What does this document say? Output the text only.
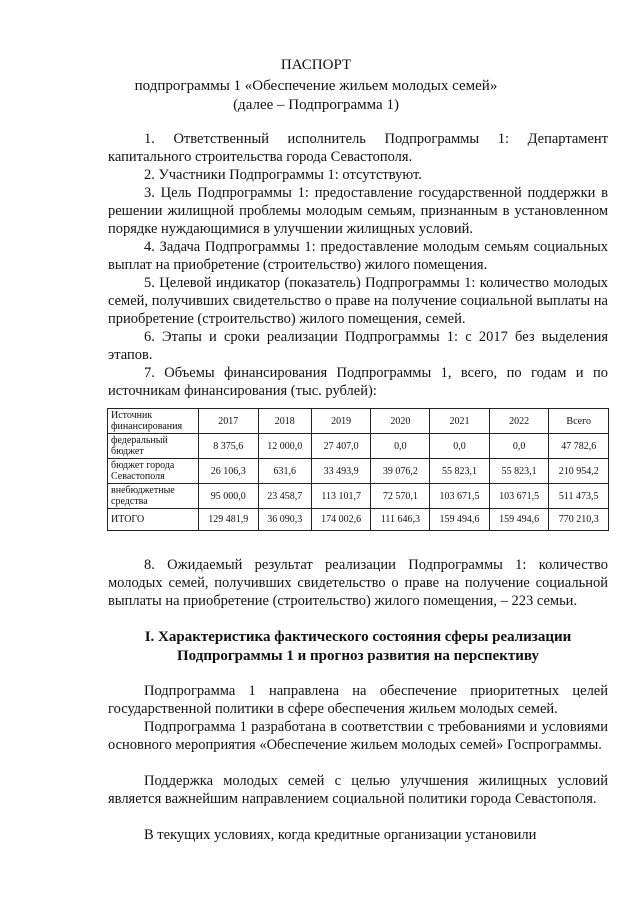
ПАСПОРТ
подпрограммы 1 «Обеспечение жильем молодых семей»
(далее – Подпрограмма 1)
1. Ответственный исполнитель Подпрограммы 1: Департамент капитального строительства города Севастополя.
2. Участники Подпрограммы 1: отсутствуют.
3. Цель Подпрограммы 1: предоставление государственной поддержки в решении жилищной проблемы молодым семьям, признанным в установленном порядке нуждающимися в улучшении жилищных условий.
4. Задача Подпрограммы 1: предоставление молодым семьям социальных выплат на приобретение (строительство) жилого помещения.
5. Целевой индикатор (показатель) Подпрограммы 1: количество молодых семей, получивших свидетельство о праве на получение социальной выплаты на приобретение (строительство) жилого помещения, семей.
6. Этапы и сроки реализации Подпрограммы 1: с 2017 без выделения этапов.
7. Объемы финансирования Подпрограммы 1, всего, по годам и по источникам финансирования (тыс. рублей):
Источник финансирования	2017	2018	2019	2020	2021	2022	Всего
федеральный бюджет	8 375,6	12 000,0	27 407,0	0,0	0,0	0,0	47 782,6
бюджет города Севастополя	26 106,3	631,6	33 493,9	39 076,2	55 823,1	55 823,1	210 954,2
внебюджетные средства	95 000,0	23 458,7	113 101,7	72 570,1	103 671,5	103 671,5	511 473,5
ИТОГО	129 481,9	36 090,3	174 002,6	111 646,3	159 494,6	159 494,6	770 210,3
8. Ожидаемый результат реализации Подпрограммы 1: количество молодых семей, получивших свидетельство о праве на получение социальной выплаты на приобретение (строительство) жилого помещения, – 223 семьи.
I. Характеристика фактического состояния сферы реализации
Подпрограммы 1 и прогноз развития на перспективу
Подпрограмма 1 направлена на обеспечение приоритетных целей государственной политики в сфере обеспечения жильем молодых семей.
Подпрограмма 1 разработана в соответствии с требованиями и условиями основного мероприятия «Обеспечение жильем молодых семей» Госпрограммы.
Поддержка молодых семей с целью улучшения жилищных условий является важнейшим направлением социальной политики города Севастополя.
В текущих условиях, когда кредитные организации установили
